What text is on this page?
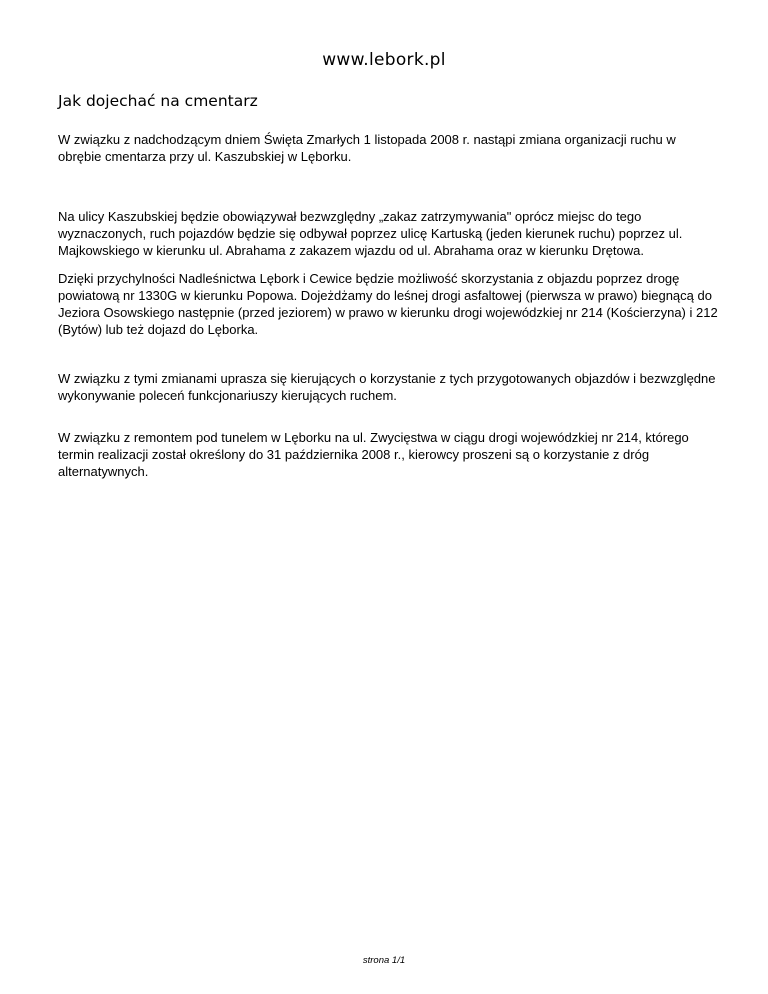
www.lebork.pl
Jak dojechać na cmentarz

W związku z nadchodzącym dniem Święta Zmarłych 1 listopada 2008 r. nastąpi zmiana organizacji ruchu w obrębie cmentarza przy ul. Kaszubskiej w Lęborku.

Na ulicy Kaszubskiej będzie obowiązywał bezwzględny „zakaz zatrzymywania" oprócz miejsc do tego wyznaczonych, ruch pojazdów będzie się odbywał poprzez ulicę Kartuską (jeden kierunek ruchu) poprzez ul. Majkowskiego w kierunku ul. Abrahama z zakazem wjazdu od ul. Abrahama oraz w kierunku Drętowa.

Dzięki przychylności Nadleśnictwa Lębork i Cewice będzie możliwość skorzystania z objazdu poprzez drogę powiatową nr 1330G w kierunku Popowa. Dojeżdżamy do leśnej drogi asfaltowej (pierwsza w prawo) biegnącą do Jeziora Osowskiego następnie (przed jeziorem) w prawo w kierunku drogi wojewódzkiej nr 214 (Kościerzyna) i 212 (Bytów) lub też dojazd do Lęborka.

W związku z tymi zmianami uprasza się kierujących o korzystanie z tych przygotowanych objazdów i bezwzględne wykonywanie poleceń funkcjonariuszy kierujących ruchem.

W związku z remontem pod tunelem w Lęborku na ul. Zwycięstwa w ciągu drogi wojewódzkiej nr 214, którego termin realizacji został określony do 31 października 2008 r., kierowcy proszeni są o korzystanie z dróg alternatywnych.

strona 1/1
